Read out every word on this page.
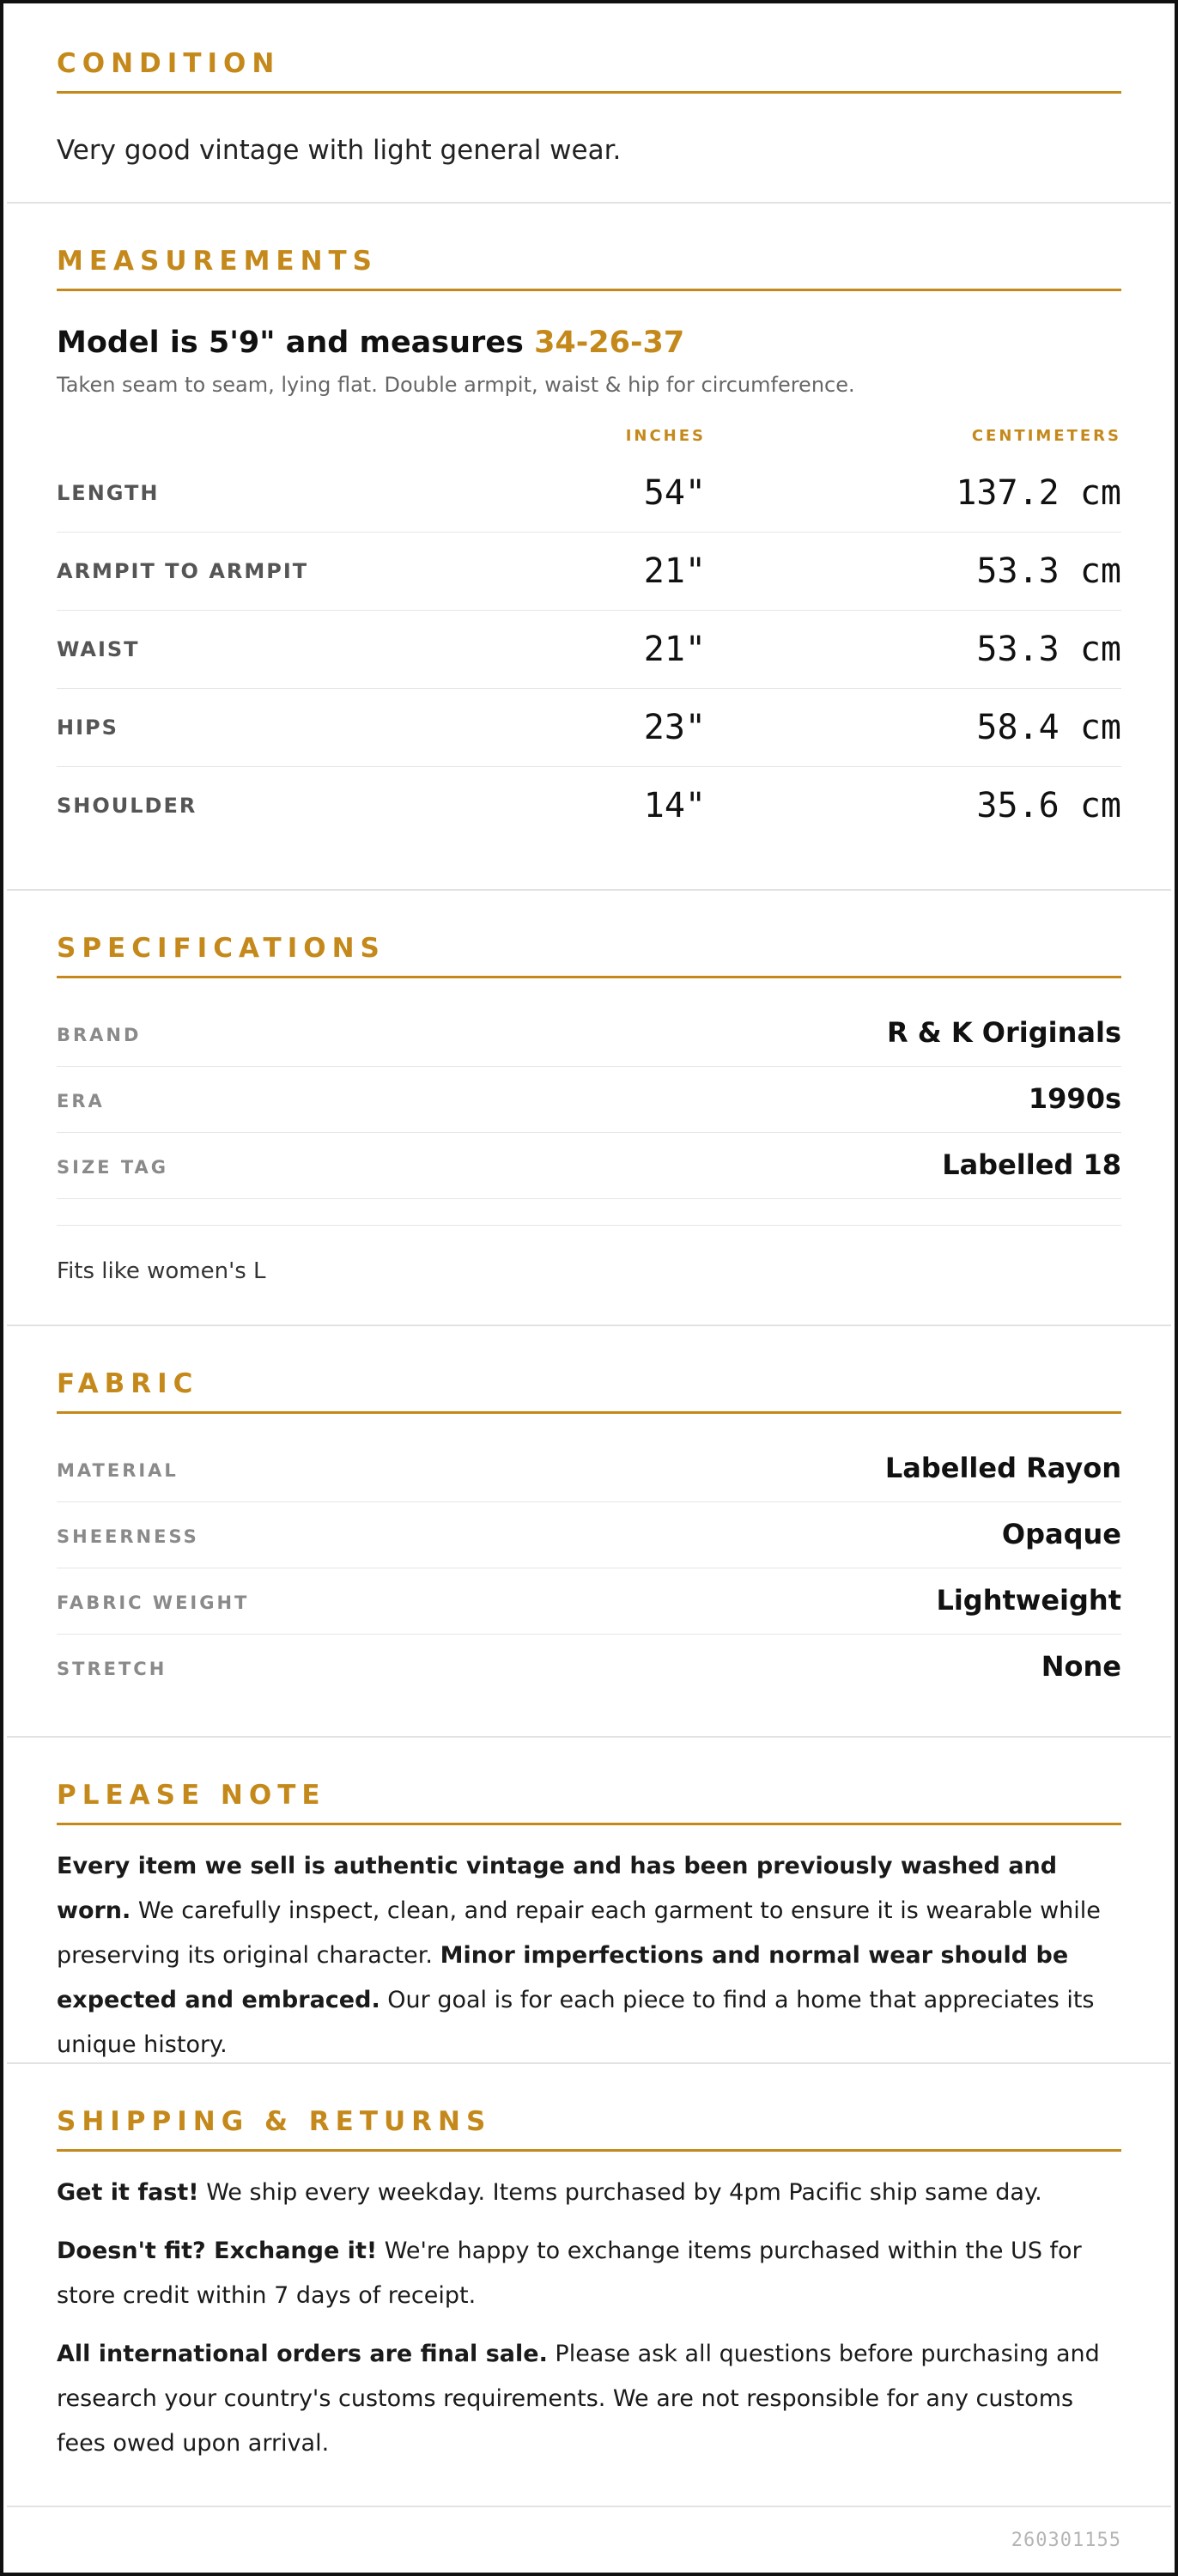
CONDITION
Very good vintage with light general wear.
MEASUREMENTS
Model is 5'9" and measures 34-26-37
Taken seam to seam, lying flat. Double armpit, waist & hip for circumference.
INCHES	CENTIMETERS
LENGTH	54"	137.2 cm
ARMPIT TO ARMPIT	21"	53.3 cm
WAIST	21"	53.3 cm
HIPS	23"	58.4 cm
SHOULDER	14"	35.6 cm
SPECIFICATIONS
BRAND	R & K Originals
ERA	1990s
SIZE TAG	Labelled 18
Fits like women's L
FABRIC
MATERIAL	Labelled Rayon
SHEERNESS	Opaque
FABRIC WEIGHT	Lightweight
STRETCH	None
PLEASE NOTE
Every item we sell is authentic vintage and has been previously washed and worn. We carefully inspect, clean, and repair each garment to ensure it is wearable while preserving its original character. Minor imperfections and normal wear should be expected and embraced. Our goal is for each piece to find a home that appreciates its unique history.
SHIPPING & RETURNS
Get it fast! We ship every weekday. Items purchased by 4pm Pacific ship same day.
Doesn't fit? Exchange it! We're happy to exchange items purchased within the US for store credit within 7 days of receipt.
All international orders are final sale. Please ask all questions before purchasing and research your country's customs requirements. We are not responsible for any customs fees owed upon arrival.
260301155
